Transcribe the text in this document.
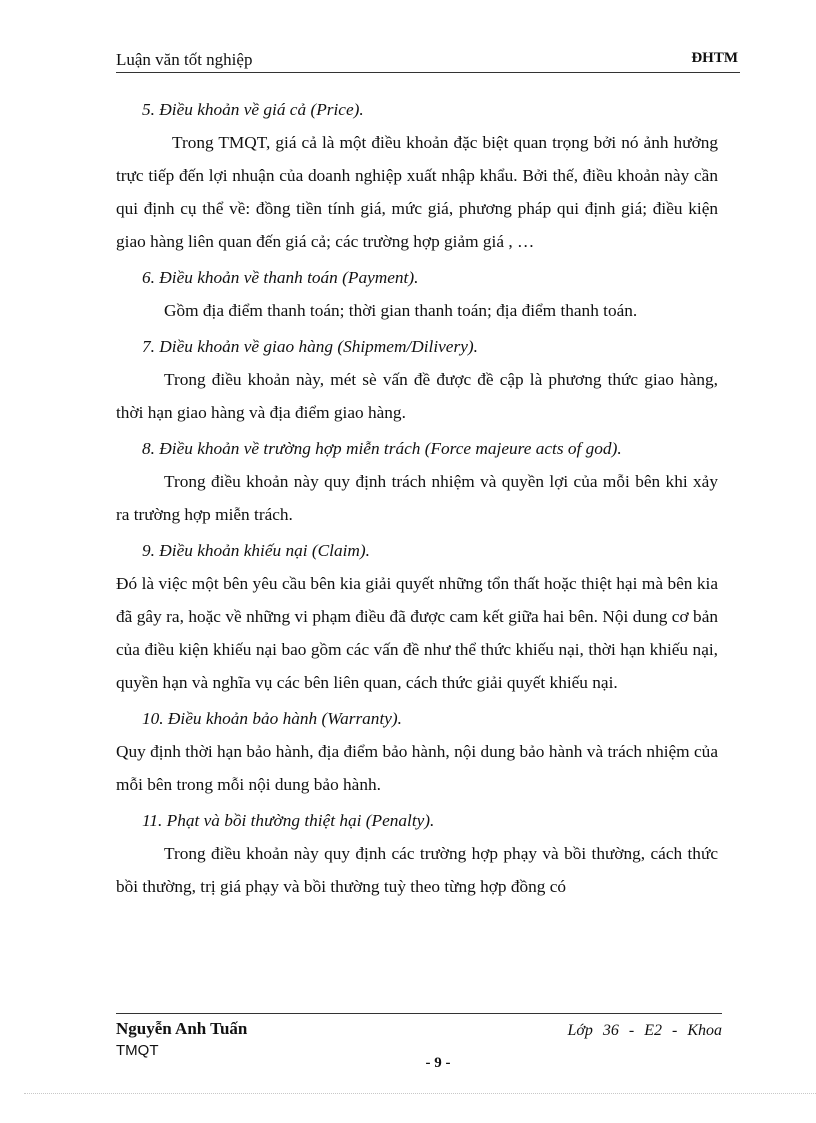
Luận văn tốt nghiệp	ĐHTM

5. Điều khoản về giá cả (Price).

Trong TMQT, giá cả là một điều khoản đặc biệt quan trọng bởi nó ảnh hưởng trực tiếp đến lợi nhuận của doanh nghiệp xuất nhập khẩu. Bởi thế, điều khoản này cần qui định cụ thể về: đồng tiền tính giá, mức giá, phương pháp qui định giá; điều kiện giao hàng liên quan đến giá cả; các trường hợp giảm giá , …

6. Điều khoản về thanh toán (Payment).

Gồm địa điểm thanh toán; thời gian thanh toán; địa điểm thanh toán.

7. Diều khoản về giao hàng (Shipmem/Dilivery).

Trong điều khoản này, mét sè vấn đề được đề cập là phương thức giao hàng, thời hạn giao hàng và địa điểm giao hàng.

8. Điều khoản về trường hợp miễn trách (Force majeure acts of god).

Trong điều khoản này quy định trách nhiệm và quyền lợi của mỗi bên khi xảy ra trường hợp miễn trách.

9. Điều khoản khiếu nại (Claim).

Đó là việc một bên yêu cầu bên kia giải quyết những tổn thất hoặc thiệt hại mà bên kia đã gây ra, hoặc về những vi phạm điều đã được cam kết giữa hai bên. Nội dung cơ bản của điều kiện khiếu nại bao gồm các vấn đề như thể thức khiếu nại, thời hạn khiếu nại, quyền hạn và nghĩa vụ các bên liên quan, cách thức giải quyết khiếu nại.

10. Điều khoản bảo hành (Warranty).

Quy định thời hạn bảo hành, địa điểm bảo hành, nội dung bảo hành và trách nhiệm của mỗi bên trong mỗi nội dung bảo hành.

11. Phạt và bồi thường thiệt hại (Penalty).

Trong điều khoản này quy định các trường hợp phạy và bồi thường, cách thức bồi thường, trị giá phạy và bồi thường tuỳ theo từng hợp đồng có

Nguyễn Anh Tuấn	Lớp 36 - E2 - Khoa
TMQT
- 9 -
